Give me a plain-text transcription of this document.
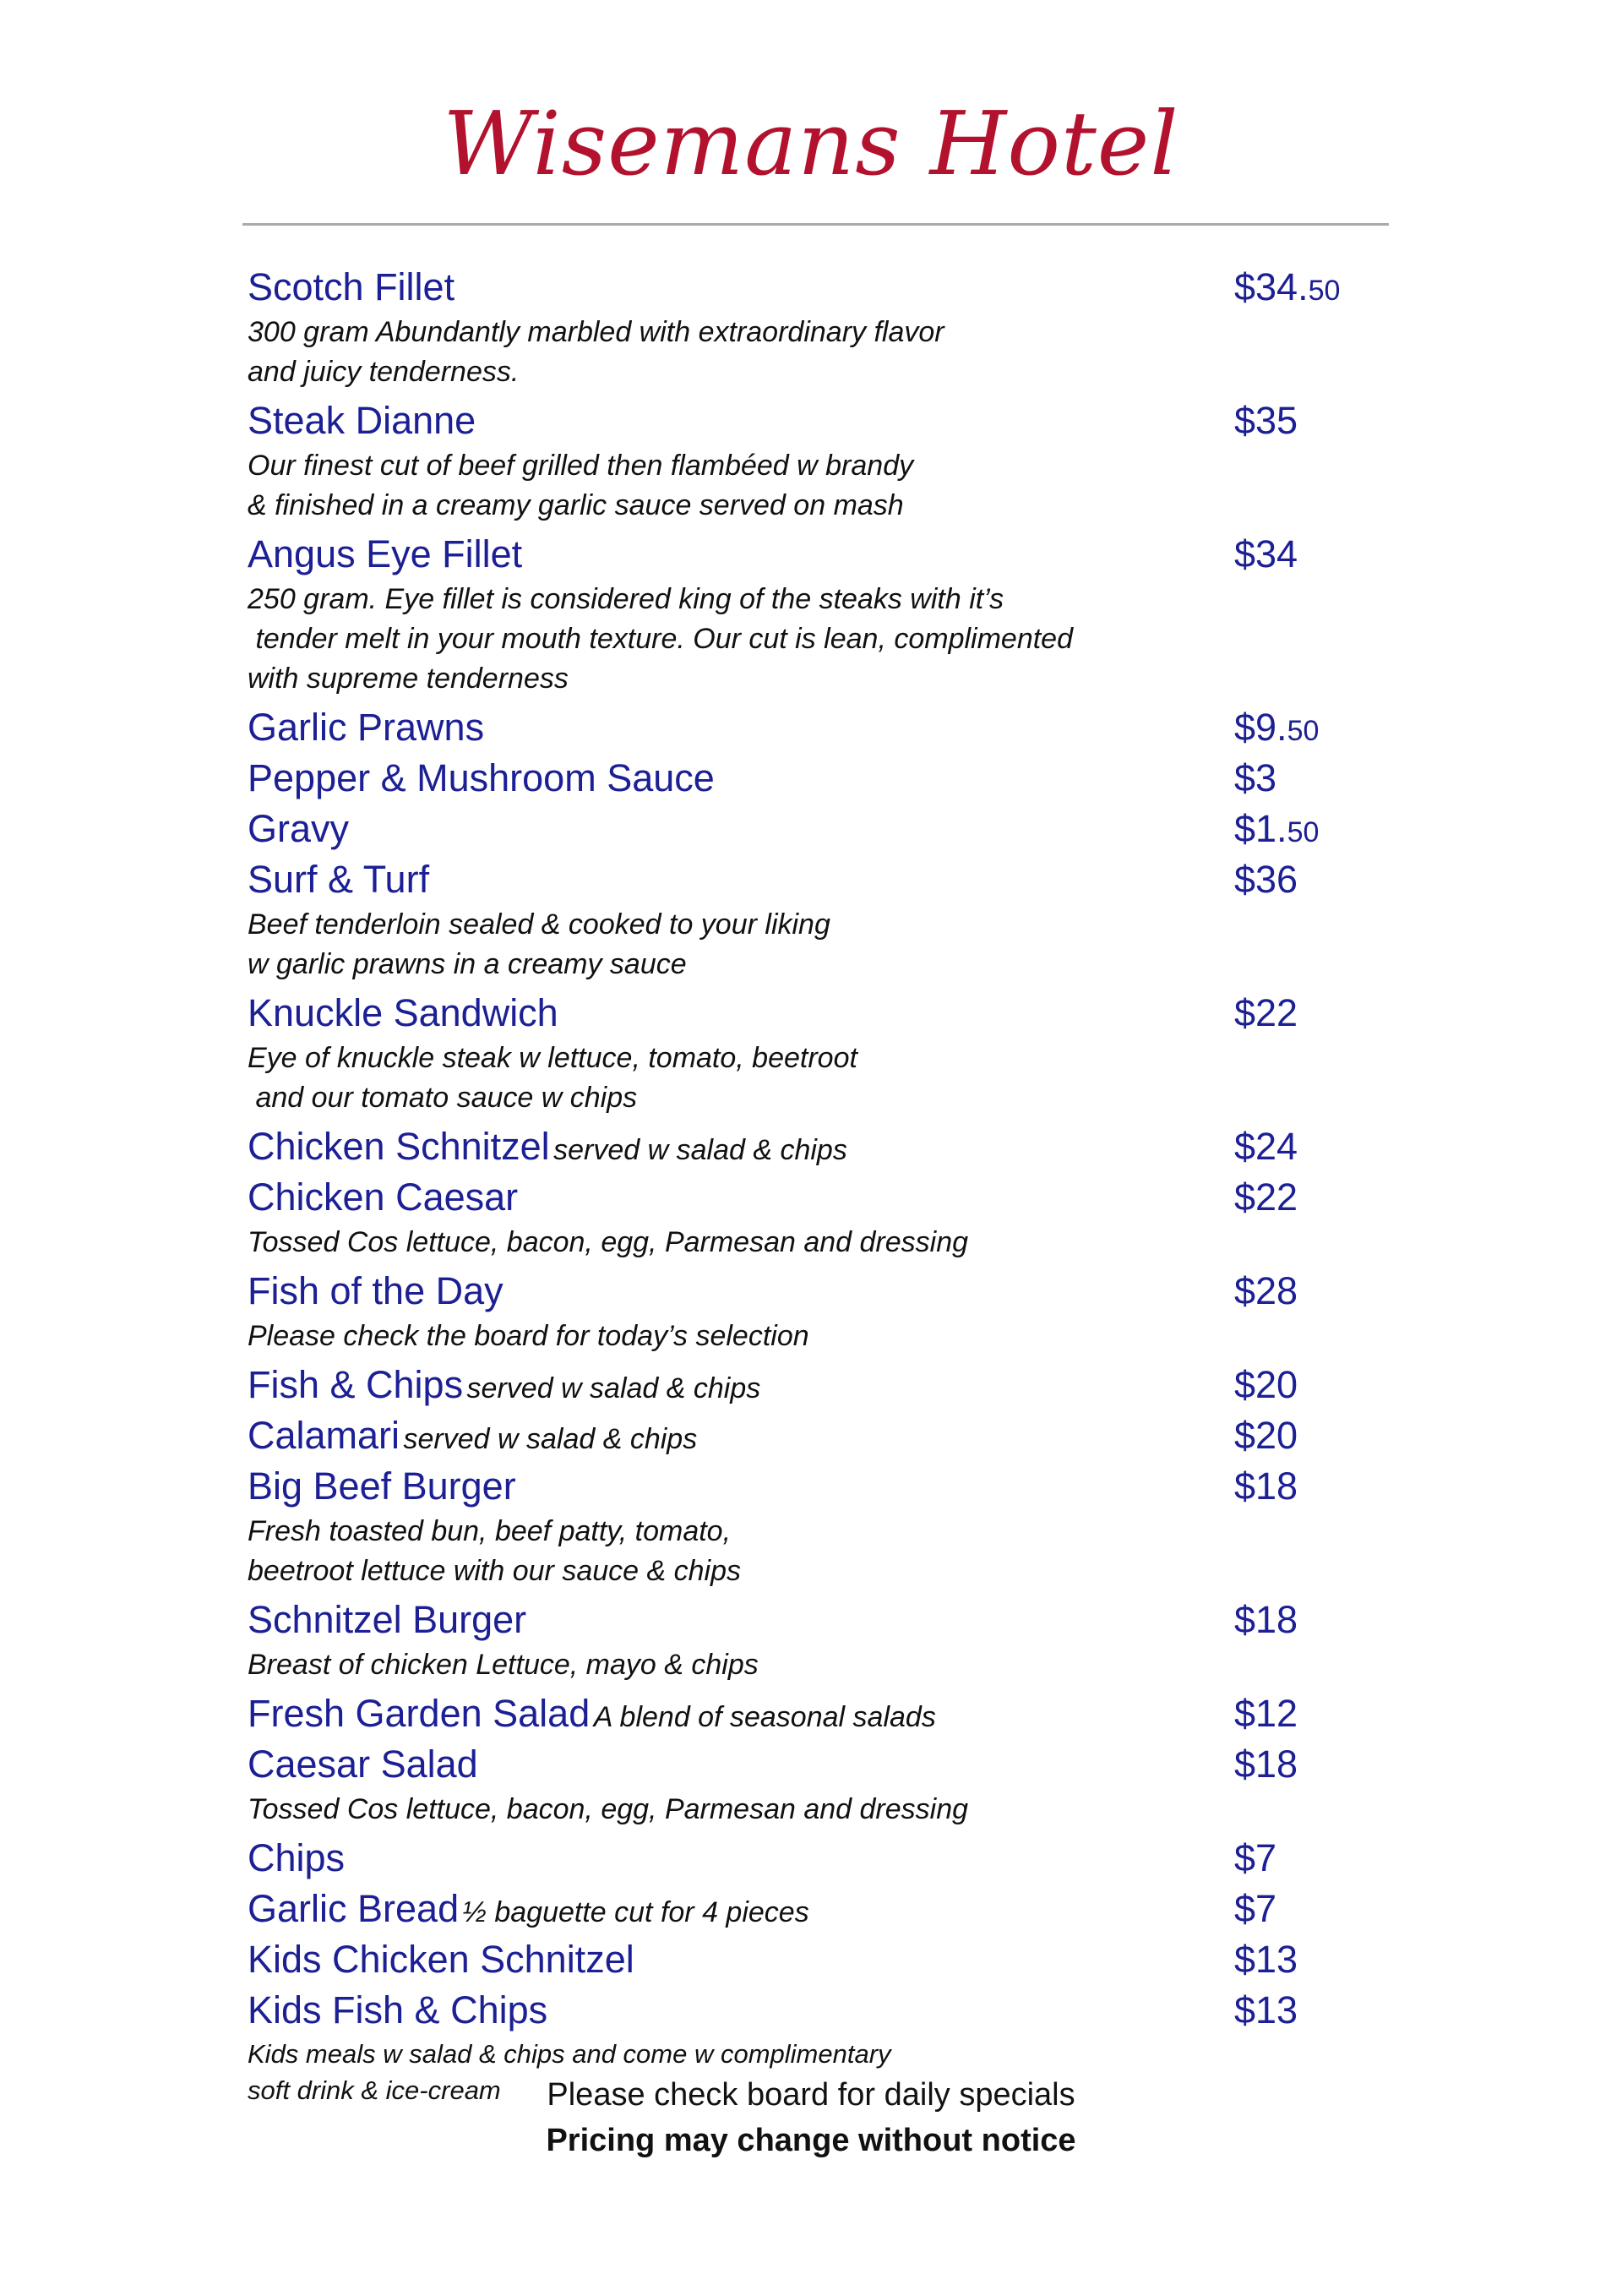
Wisemans Hotel
Scotch Fillet	$34.50
300 gram Abundantly marbled with extraordinary flavor
and juicy tenderness.
Steak Dianne	$35
Our finest cut of beef grilled then flambéed w brandy
& finished in a creamy garlic sauce served on mash
Angus Eye Fillet	$34
250 gram. Eye fillet is considered king of the steaks with it’s
tender melt in your mouth texture. Our cut is lean, complimented
with supreme tenderness
Garlic Prawns	$9.50
Pepper & Mushroom Sauce	$3
Gravy	$1.50
Surf & Turf	$36
Beef tenderloin sealed & cooked to your liking
w garlic prawns in a creamy sauce
Knuckle Sandwich	$22
Eye of knuckle steak w lettuce, tomato, beetroot
and our tomato sauce w chips
Chicken Schnitzel served w salad & chips	$24
Chicken Caesar	$22
Tossed Cos lettuce, bacon, egg, Parmesan and dressing
Fish of the Day	$28
Please check the board for today’s selection
Fish & Chips served w salad & chips	$20
Calamari served w salad & chips	$20
Big Beef Burger	$18
Fresh toasted bun, beef patty, tomato,
beetroot lettuce with our sauce & chips
Schnitzel Burger	$18
Breast of chicken Lettuce, mayo & chips
Fresh Garden Salad A blend of seasonal salads	$12
Caesar Salad	$18
Tossed Cos lettuce, bacon, egg, Parmesan and dressing
Chips	$7
Garlic Bread ½ baguette cut for 4 pieces	$7
Kids Chicken Schnitzel	$13
Kids Fish & Chips	$13
Kids meals w salad & chips and come w complimentary
soft drink & ice-cream	Please check board for daily specials
Pricing may change without notice
